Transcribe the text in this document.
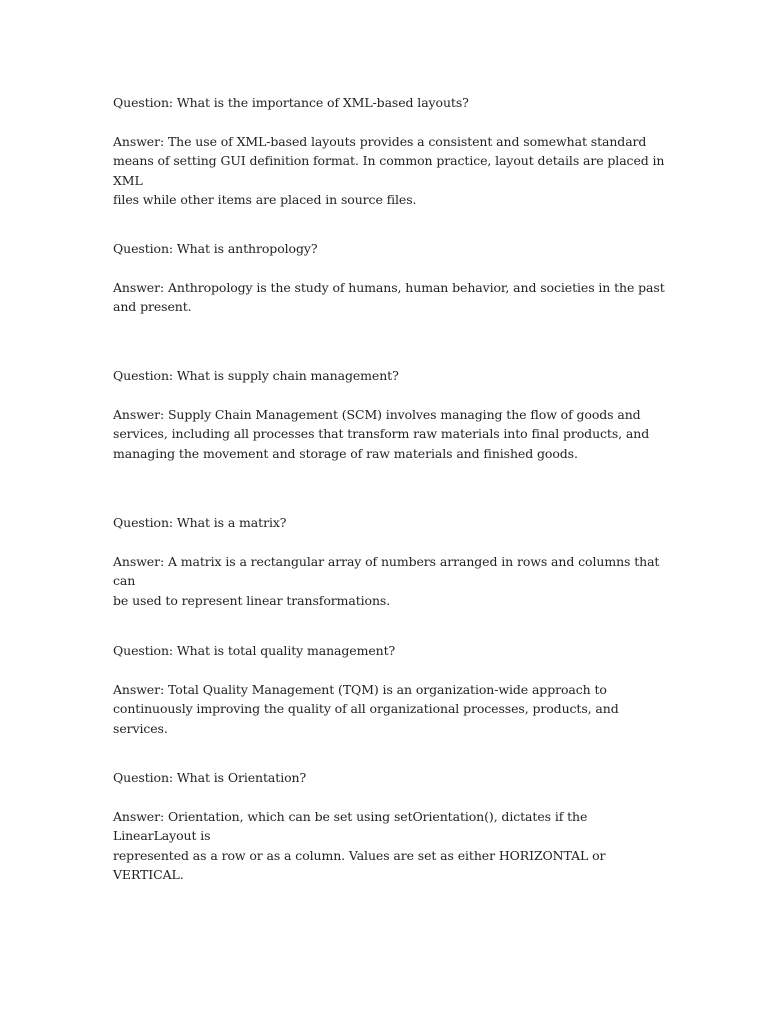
Question: What is the importance of XML-based layouts?

Answer: The use of XML-based layouts provides a consistent and somewhat standard
means of setting GUI definition format. In common practice, layout details are placed in XML
files while other items are placed in source files.

Question: What is anthropology?

Answer: Anthropology is the study of humans, human behavior, and societies in the past
and present.

Question: What is supply chain management?

Answer: Supply Chain Management (SCM) involves managing the flow of goods and
services, including all processes that transform raw materials into final products, and
managing the movement and storage of raw materials and finished goods.

Question: What is a matrix?

Answer: A matrix is a rectangular array of numbers arranged in rows and columns that can
be used to represent linear transformations.

Question: What is total quality management?

Answer: Total Quality Management (TQM) is an organization-wide approach to
continuously improving the quality of all organizational processes, products, and services.

Question: What is Orientation?

Answer: Orientation, which can be set using setOrientation(), dictates if the LinearLayout is
represented as a row or as a column. Values are set as either HORIZONTAL or VERTICAL.
